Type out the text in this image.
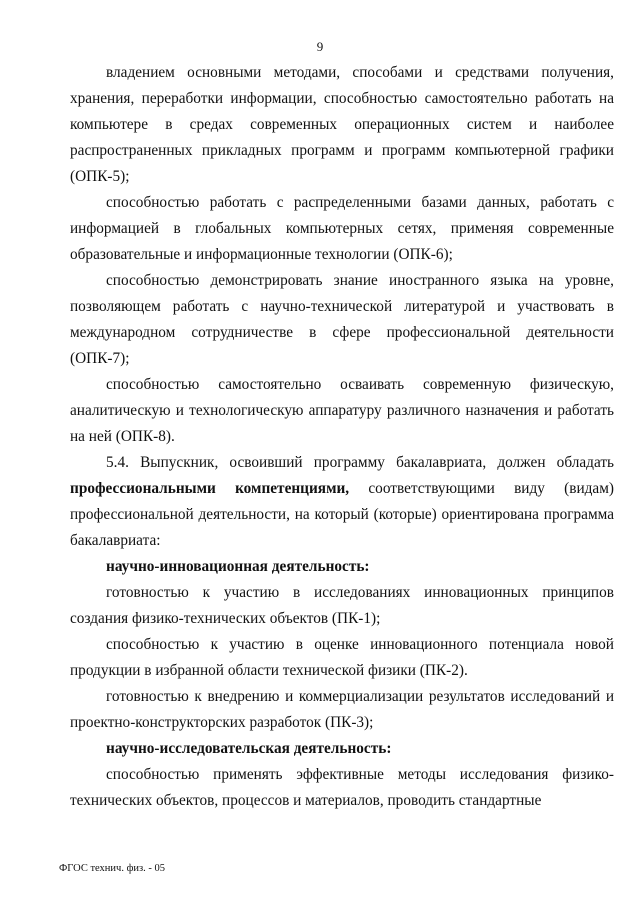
9

владением основными методами, способами и средствами получения, хранения, переработки информации, способностью самостоятельно работать на компьютере в средах современных операционных систем и наиболее распространенных прикладных программ и программ компьютерной графики (ОПК-5);

способностью работать с распределенными базами данных, работать с информацией в глобальных компьютерных сетях, применяя современные образовательные и информационные технологии (ОПК-6);

способностью демонстрировать знание иностранного языка на уровне, позволяющем работать с научно-технической литературой и участвовать в международном сотрудничестве в сфере профессиональной деятельности (ОПК-7);

способностью самостоятельно осваивать современную физическую, аналитическую и технологическую аппаратуру различного назначения и работать на ней (ОПК-8).

5.4. Выпускник, освоивший программу бакалавриата, должен обладать профессиональными компетенциями, соответствующими виду (видам) профессиональной деятельности, на который (которые) ориентирована программа бакалавриата:

научно-инновационная деятельность:

готовностью к участию в исследованиях инновационных принципов создания физико-технических объектов (ПК-1);

способностью к участию в оценке инновационного потенциала новой продукции в избранной области технической физики (ПК-2).

готовностью к внедрению и коммерциализации результатов исследований и проектно-конструкторских разработок (ПК-3);

научно-исследовательская деятельность:

способностью применять эффективные методы исследования физико-технических объектов, процессов и материалов, проводить стандартные

ФГОС технич. физ. - 05
